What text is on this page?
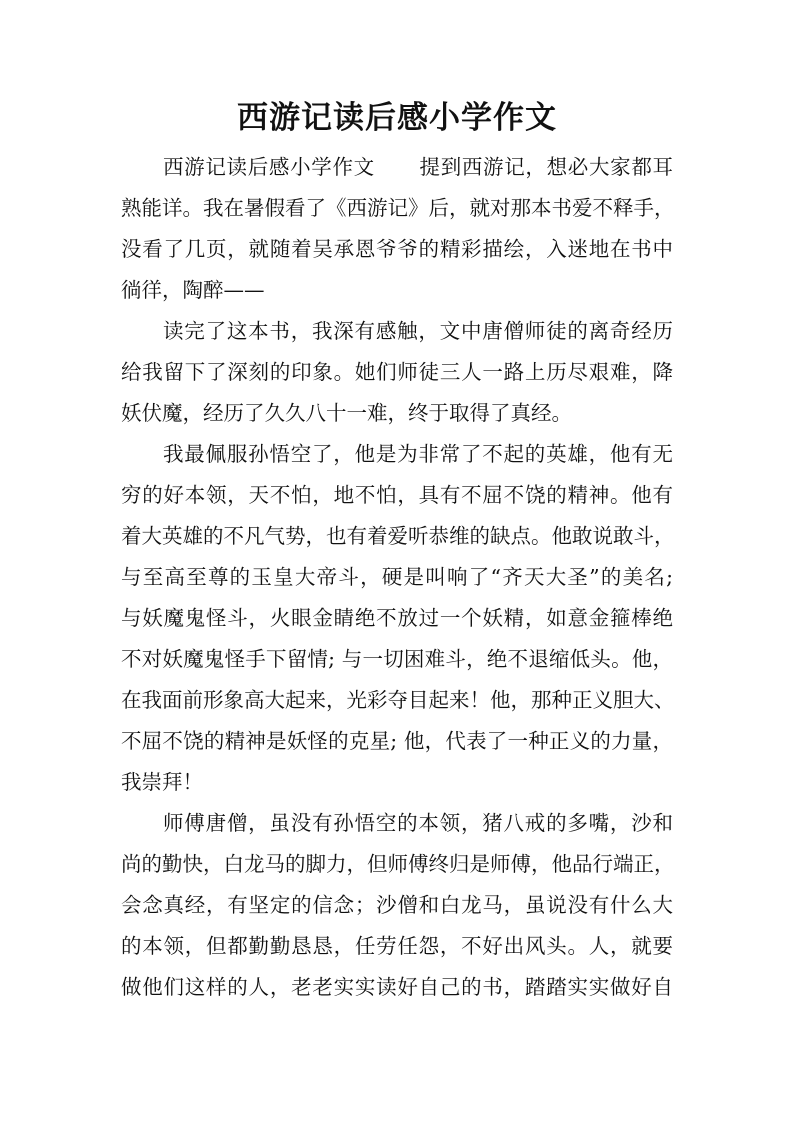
西游记读后感小学作文
西游记读后感小学作文 提到西游记，想必大家都耳
熟能详。我在暑假看了《西游记》后，就对那本书爱不释手，
没看了几页，就随着吴承恩爷爷的精彩描绘，入迷地在书中
徜徉，陶醉——
读完了这本书，我深有感触，文中唐僧师徒的离奇经历
给我留下了深刻的印象。她们师徒三人一路上历尽艰难，降
妖伏魔，经历了久久八十一难，终于取得了真经。
我最佩服孙悟空了，他是为非常了不起的英雄，他有无
穷的好本领，天不怕，地不怕，具有不屈不饶的精神。他有
着大英雄的不凡气势，也有着爱听恭维的缺点。他敢说敢斗，
与至高至尊的玉皇大帝斗，硬是叫响了“齐天大圣”的美名;
与妖魔鬼怪斗，火眼金睛绝不放过一个妖精，如意金箍棒绝
不对妖魔鬼怪手下留情; 与一切困难斗，绝不退缩低头。他，
在我面前形象高大起来，光彩夺目起来！他，那种正义胆大、
不屈不饶的精神是妖怪的克星; 他，代表了一种正义的力量，
我崇拜！
师傅唐僧，虽没有孙悟空的本领，猪八戒的多嘴，沙和
尚的勤快，白龙马的脚力，但师傅终归是师傅，他品行端正，
会念真经，有坚定的信念；沙僧和白龙马，虽说没有什么大
的本领，但都勤勤恳恳，任劳任怨，不好出风头。人，就要
做他们这样的人，老老实实读好自己的书，踏踏实实做好自
